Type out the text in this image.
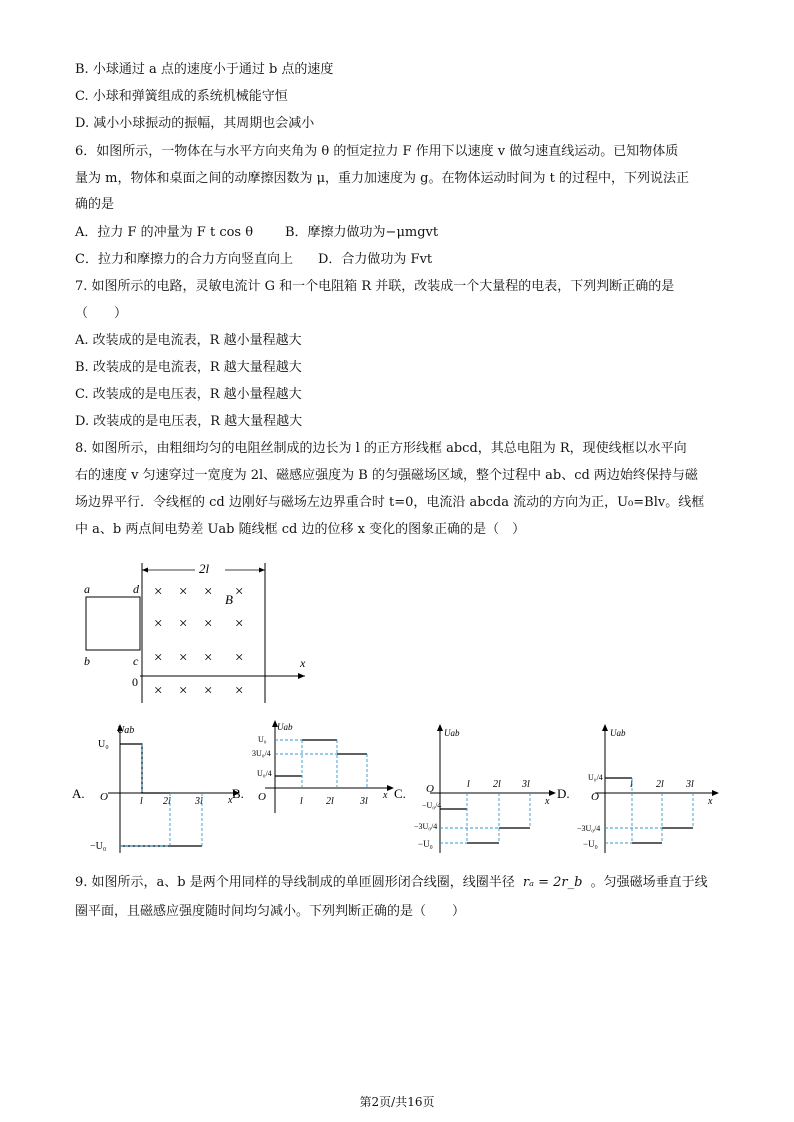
B. 小球通过 a 点的速度小于通过 b 点的速度
C. 小球和弹簧组成的系统机械能守恒
D. 减小小球振动的振幅，其周期也会减小
6．如图所示，一物体在与水平方向夹角为 θ 的恒定拉力 F 作用下以速度 v 做匀速直线运动。已知物体质
量为 m，物体和桌面之间的动摩擦因数为 μ，重力加速度为 g。在物体运动时间为 t 的过程中，下列说法正
确的是
A．拉力 F 的冲量为 F t cos θ B．摩擦力做功为−μmgvt
C．拉力和摩擦力的合力方向竖直向上 D．合力做功为 Fvt
7. 如图所示的电路，灵敏电流计 G 和一个电阻箱 R 并联，改装成一个大量程的电表，下列判断正确的是
（　　）
A. 改装成的是电流表，R 越小量程越大
B. 改装成的是电流表，R 越大量程越大
C. 改装成的是电压表，R 越小量程越大
D. 改装成的是电压表，R 越大量程越大
8. 如图所示，由粗细均匀的电阻丝制成的边长为 l 的正方形线框 abcd，其总电阻为 R，现使线框以水平向
右的速度 v 匀速穿过一宽度为 2l、磁感应强度为 B 的匀强磁场区域，整个过程中 ab、cd 两边始终保持与磁
场边界平行．令线框的 cd 边刚好与磁场左边界重合时 t=0，电流沿 abcda 流动的方向为正，U₀=Blv。线框
中 a、b 两点间电势差 Uab 随线框 cd 边的位移 x 变化的图象正确的是（　）
2l
x
0
a	d
b	c
B
× × × ×
× × × ×
× × × ×
× × × ×
A.
Uab
x
O
U₀
−U₀
l 2l 3l
B.
Uab
x
O
U₀
3U₀/4
U₀/4
l 2l	3l
C.
Uab
x
O
−U₀/4
−3U₀/4
−U₀
l 2l 3l
D.
Uab
x
O
U₀/4
−3U₀/4
−U₀
l 2l 3l
9. 如图所示，a、b 是两个用同样的导线制成的单匝圆形闭合线圈，线圈半径 rₐ = 2r_b 。匀强磁场垂直于线
圈平面，且磁感应强度随时间均匀减小。下列判断正确的是（　　）
第2页/共16页
